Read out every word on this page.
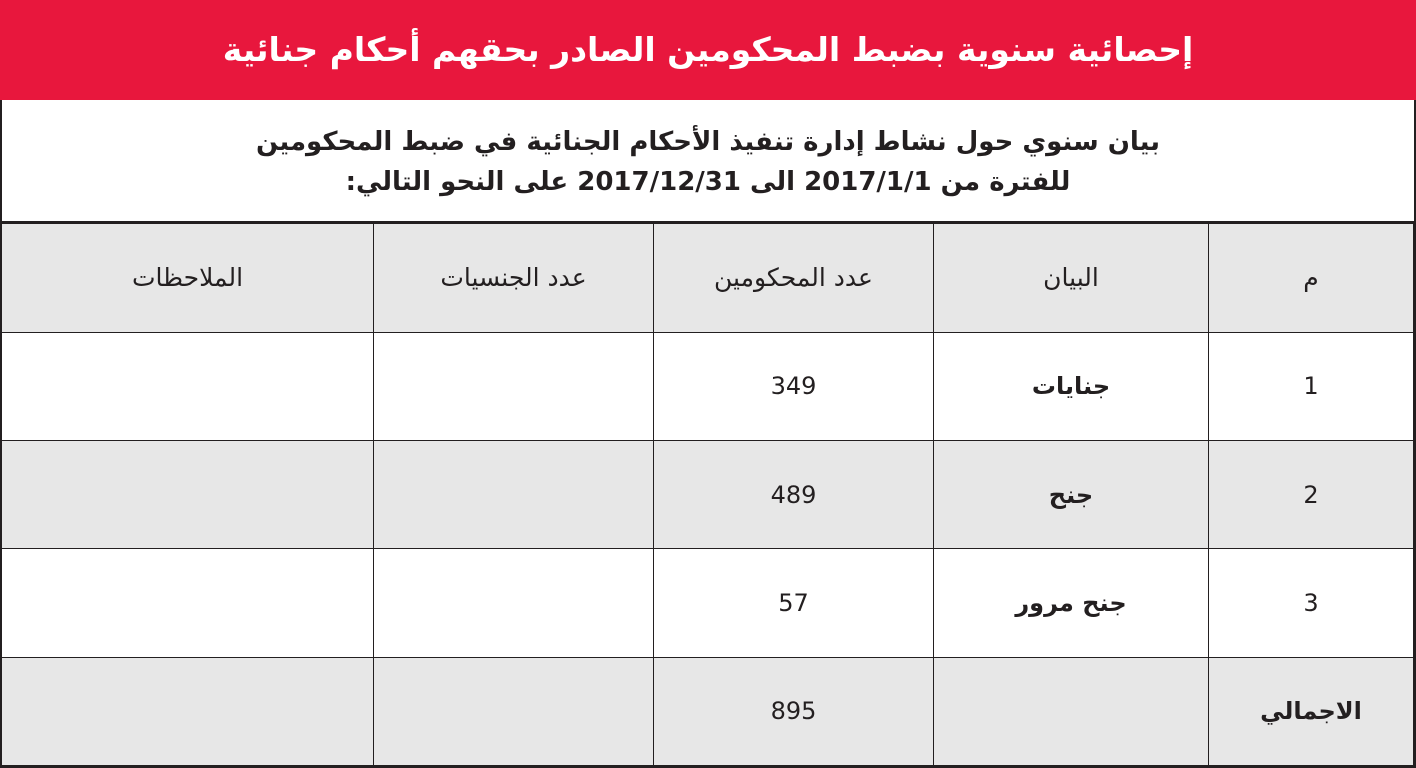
إحصائية سنوية بضبط المحكومين الصادر بحقهم أحكام جنائية
بيان سنوي حول نشاط إدارة تنفيذ الأحكام الجنائية في ضبط المحكومين
للفترة من 2017/1/1 الى 2017/12/31 على النحو التالي:
م	البيان	عدد المحكومين	عدد الجنسيات	الملاحظات
1	جنايات	349		
2	جنح	489		
3	جنح مرور	57		
الاجمالي		895		
